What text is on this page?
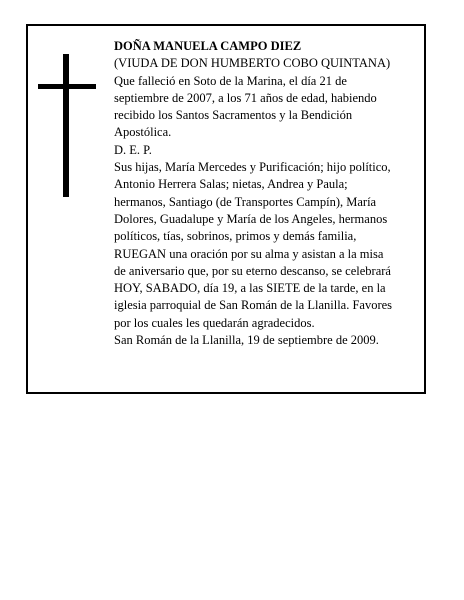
DOÑA MANUELA CAMPO DIEZ

(VIUDA DE DON HUMBERTO COBO QUINTANA)

Que falleció en Soto de la Marina, el día 21 de

septiembre de 2007, a los 71 años de edad, habiendo

recibido los Santos Sacramentos y la Bendición

Apostólica.

D. E. P.

Sus hijas, María Mercedes y Purificación; hijo político,

Antonio Herrera Salas; nietas, Andrea y Paula;

hermanos, Santiago (de Transportes Campín), María

Dolores, Guadalupe y María de los Angeles, hermanos

políticos, tías, sobrinos, primos y demás familia,

RUEGAN una oración por su alma y asistan a la misa

de aniversario que, por su eterno descanso, se celebrará

HOY, SABADO, día 19, a las SIETE de la tarde, en la

iglesia parroquial de San Román de la Llanilla. Favores

por los cuales les quedarán agradecidos.

San Román de la Llanilla, 19 de septiembre de 2009.
